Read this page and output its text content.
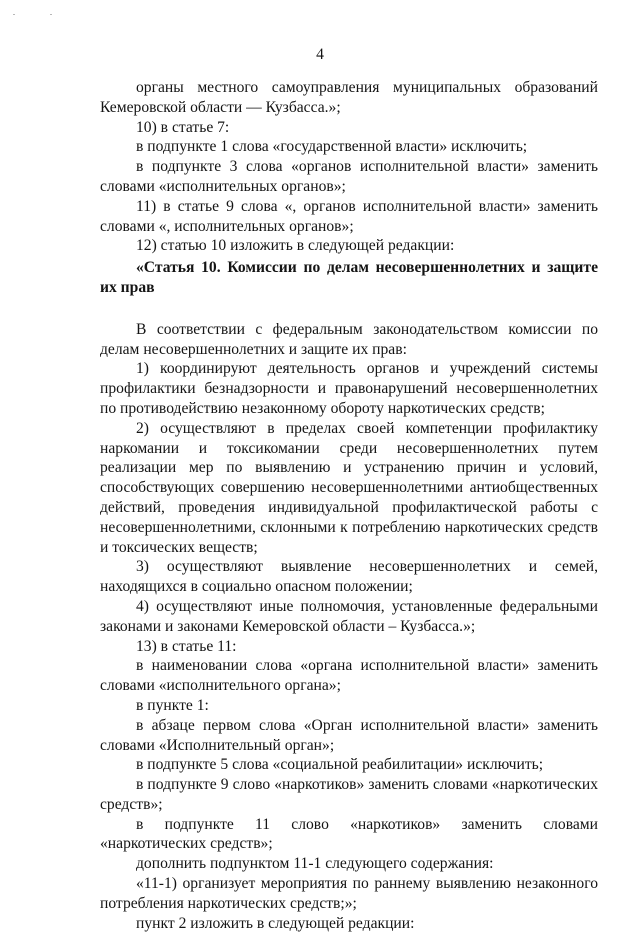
4

органы местного самоуправления муниципальных образований Кемеровской области — Кузбасса.»;

10) в статье 7:

в подпункте 1 слова «государственной власти» исключить;

в подпункте 3 слова «органов исполнительной власти» заменить словами «исполнительных органов»;

11) в статье 9 слова «, органов исполнительной власти» заменить словами «, исполнительных органов»;

12) статью 10 изложить в следующей редакции:

«Статья 10. Комиссии по делам несовершеннолетних и защите их прав

В соответствии с федеральным законодательством комиссии по делам несовершеннолетних и защите их прав:

1) координируют деятельность органов и учреждений системы профилактики безнадзорности и правонарушений несовершеннолетних по противодействию незаконному обороту наркотических средств;

2) осуществляют в пределах своей компетенции профилактику наркомании и токсикомании среди несовершеннолетних путем реализации мер по выявлению и устранению причин и условий, способствующих совершению несовершеннолетними антиобщественных действий, проведения индивидуальной профилактической работы с несовершеннолетними, склонными к потреблению наркотических средств и токсических веществ;

3) осуществляют выявление несовершеннолетних и семей, находящихся в социально опасном положении;

4) осуществляют иные полномочия, установленные федеральными законами и законами Кемеровской области – Кузбасса.»;

13) в статье 11:

в наименовании слова «органа исполнительной власти» заменить словами «исполнительного органа»;

в пункте 1:

в абзаце первом слова «Орган исполнительной власти» заменить словами «Исполнительный орган»;

в подпункте 5 слова «социальной реабилитации» исключить;

в подпункте 9 слово «наркотиков» заменить словами «наркотических средств»;

в подпункте 11 слово «наркотиков» заменить словами «наркотических средств»;

дополнить подпунктом 11-1 следующего содержания:

«11-1) организует мероприятия по раннему выявлению незаконного потребления наркотических средств;»;

пункт 2 изложить в следующей редакции:
